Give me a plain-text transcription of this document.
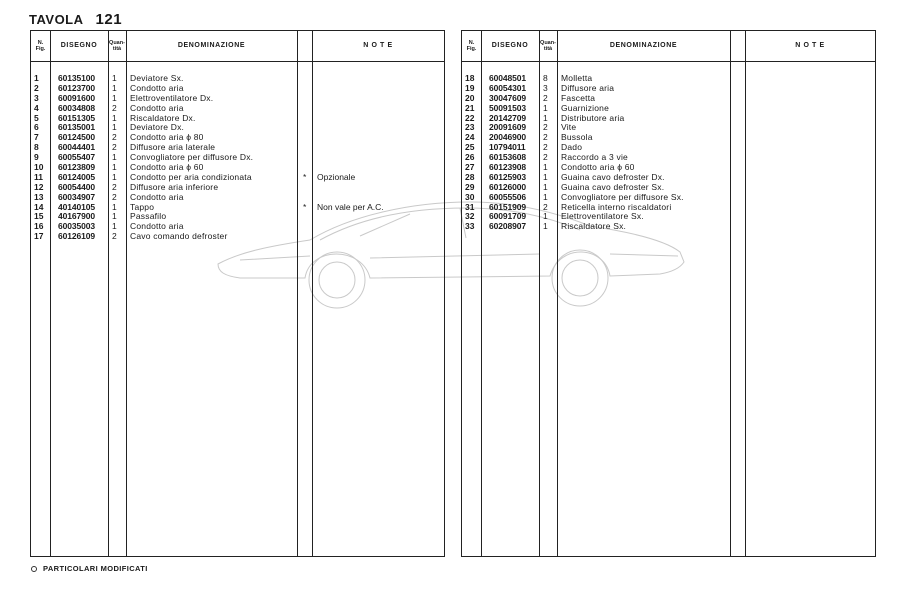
TAVOLA 121
N.
Fig.	DISEGNO	Quan-
tità	DENOMINAZIONE	N O T E
1 60135100 1 Deviatore Sx.
2 60123700 1 Condotto aria
3 60091600 1 Elettroventilatore Dx.
4 60034808 2 Condotto aria
5 60151305 1 Riscaldatore Dx.
6 60135001 1 Deviatore Dx.
7 60124500 2 Condotto aria ϕ 80
8 60044401 2 Diffusore aria laterale
9 60055407 1 Convogliatore per diffusore Dx.
10 60123809 1 Condotto aria ϕ 60
11 60124005 1 Condotto per aria condizionata	* Opzionale
12 60054400 2 Diffusore aria inferiore
13 60034907 2 Condotto aria
14 40140105 1 Tappo	* Non vale per A.C.
15 40167900 1 Passafilo
16 60035003 1 Condotto aria
17 60126109 2 Cavo comando defroster
N.
Fig.	DISEGNO	Quan-
tità	DENOMINAZIONE	N O T E
18 60048501 8 Molletta
19 60054301 3 Diffusore aria
20 30047609 2 Fascetta
21 50091503 1 Guarnizione
22 20142709 1 Distributore aria
23 20091609 2 Vite
24 20046900 2 Bussola
25 10794011 2 Dado
26 60153608 2 Raccordo a 3 vie
27 60123908 1 Condotto aria ϕ 60
28 60125903 1 Guaina cavo defroster Dx.
29 60126000 1 Guaina cavo defroster Sx.
30 60055506 1 Convogliatore per diffusore Sx.
31 60151909 2 Reticella interno riscaldatori
32 60091709 1 Elettroventilatore Sx.
33 60208907 1 Riscaldatore Sx.
PARTICOLARI MODIFICATI
